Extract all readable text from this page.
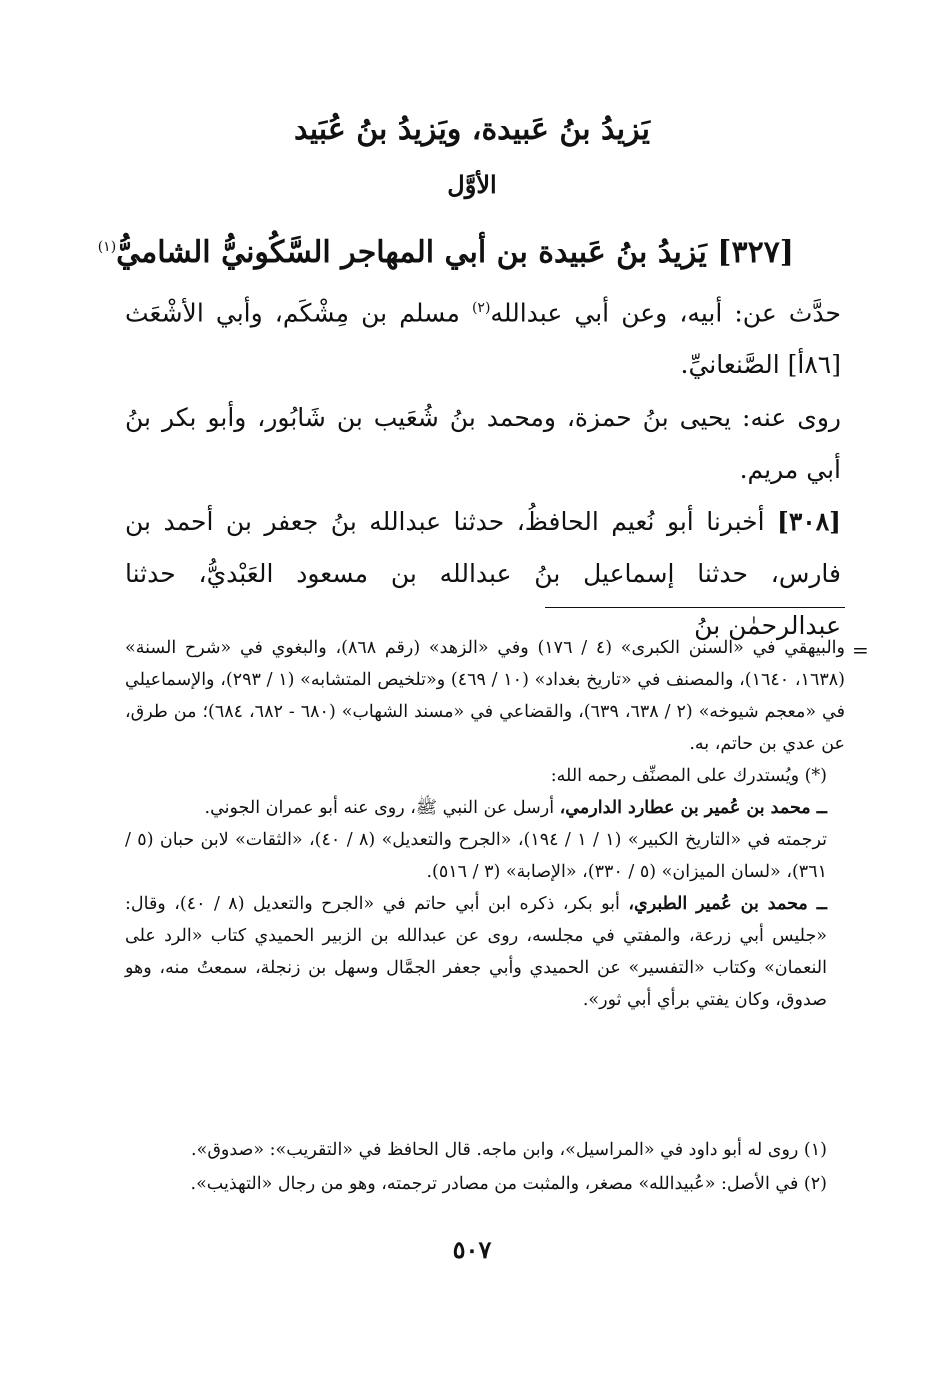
يَزيدُ بنُ عَبيدة، ويَزيدُ بنُ عُبَيد
الأوَّل
[٣٢٧] يَزيدُ بنُ عَبيدة بن أبي المهاجر السَّكُونيُّ الشاميُّ$^{(١)}$
حدَّث عن: أبيه، وعن أبي عبدالله$^{(٢)}$ مسلم بن مِشْكَم، وأبي الأشْعَث [٨٦أ] الصَّنعانيِّ.
روى عنه: يحيى بنُ حمزة، ومحمد بنُ شُعَيب بن شَابُور، وأبو بكر بنُ أبي مريم.
[٣٠٨] أخبرنا أبو نُعيم الحافظُ، حدثنا عبدالله بنُ جعفر بن أحمد بن فارس، حدثنا إسماعيل بنُ عبدالله بن مسعود العَبْديُّ، حدثنا عبدالرحمٰن بنُ
=

والبيهقي في «السنن الكبرى» (٤ / ١٧٦) وفي «الزهد» (رقم ٨٦٨)، والبغوي في «شرح السنة» (١٦٣٨، ١٦٤٠)، والمصنف في «تاريخ بغداد» (١٠ / ٤٦٩) و«تلخيص المتشابه» (١ / ٢٩٣)، والإسماعيلي في «معجم شيوخه» (٢ / ٦٣٨، ٦٣٩)، والقضاعي في «مسند الشهاب» (٦٨٠ - ٦٨٢، ٦٨٤)؛ من طرق، عن عدي بن حاتم، به.

(*) ويُستدرك على المصنِّف رحمه الله:

ــ محمد بن عُمير بن عطارد الدارمي، أرسل عن النبي ﷺ، روى عنه أبو عمران الجوني.

ترجمته في «التاريخ الكبير» (١ / ١ / ١٩٤)، «الجرح والتعديل» (٨ / ٤٠)، «الثقات» لابن حبان (٥ / ٣٦١)، «لسان الميزان» (٥ / ٣٣٠)، «الإصابة» (٣ / ٥١٦).

ــ محمد بن عُمير الطبري، أبو بكر، ذكره ابن أبي حاتم في «الجرح والتعديل (٨ / ٤٠)، وقال: «جليس أبي زرعة، والمفتي في مجلسه، روى عن عبدالله بن الزبير الحميدي كتاب «الرد على النعمان» وكتاب «التفسير» عن الحميدي وأبي جعفر الجمَّال وسهل بن زنجلة، سمعتُ منه، وهو صدوق، وكان يفتي برأي أبي ثور».

(١) روى له أبو داود في «المراسيل»، وابن ماجه. قال الحافظ في «التقريب»: «صدوق».

(٢) في الأصل: «عُبيدالله» مصغر، والمثبت من مصادر ترجمته، وهو من رجال «التهذيب».

٥٠٧
